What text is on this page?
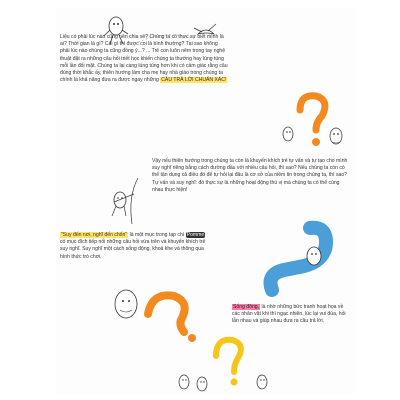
Liệu có phải lúc nào cũng nên chia sẻ? Chúng ta có thực sự biết mình là ai? Thời gian là gì? Cái gì thì được coi là bình thường? Tại sao không phải lúc nào chúng ta cũng đồng ý...? ... Trẻ con luôn nêm trong tay nghệ thuật đặt ra những câu hỏi triết học khiến chúng ta thường hay lúng túng mỗi lần đối mặt. Chúng ta lại càng lúng túng hơn khi có cảm giác rằng câu đúng thời khắc ấy, thiên hướng làm cha mẹ hay nhà giáo trong chúng ta chính là khả năng đưa ra được ngay những CÂU TRẢ LỜI CHUẨN XÁC!
Vậy nếu thiên hướng trong chúng ta còn là khuyến khích trẻ tự vấn và tự tạo cho mình suy nghĩ riêng bằng cách dường đầu với nhiều câu hỏi, thì sao? Nếu chúng ta còn có thể tận dụng cả điều đó để tự hỏi lại đâu là cơ sở của niềm tin trong chúng ta, thì sao? Tự vấn và suy nghĩ: đó thực sự là những hoạt động thú vị mà chúng ta có thể cùng nhau thực hiện!
"Suy đến nơi, nghĩ đến chốn" là một mục trong tạp chí Pomme có mục đích tiếp nối những câu hỏi vừa trên và khuyến khích trẻ suy nghĩ. Suy nghĩ một cách sống động, khoả khe và thông qua hình thức trò chơi.
Sống động, là nhờ những bức tranh hoạt họa về các nhân vật khi thì ngạc nhiên, lúc lại vui đùa, hỏi lẫn nhau và giúp nhau đưa ra câu trả lời.
